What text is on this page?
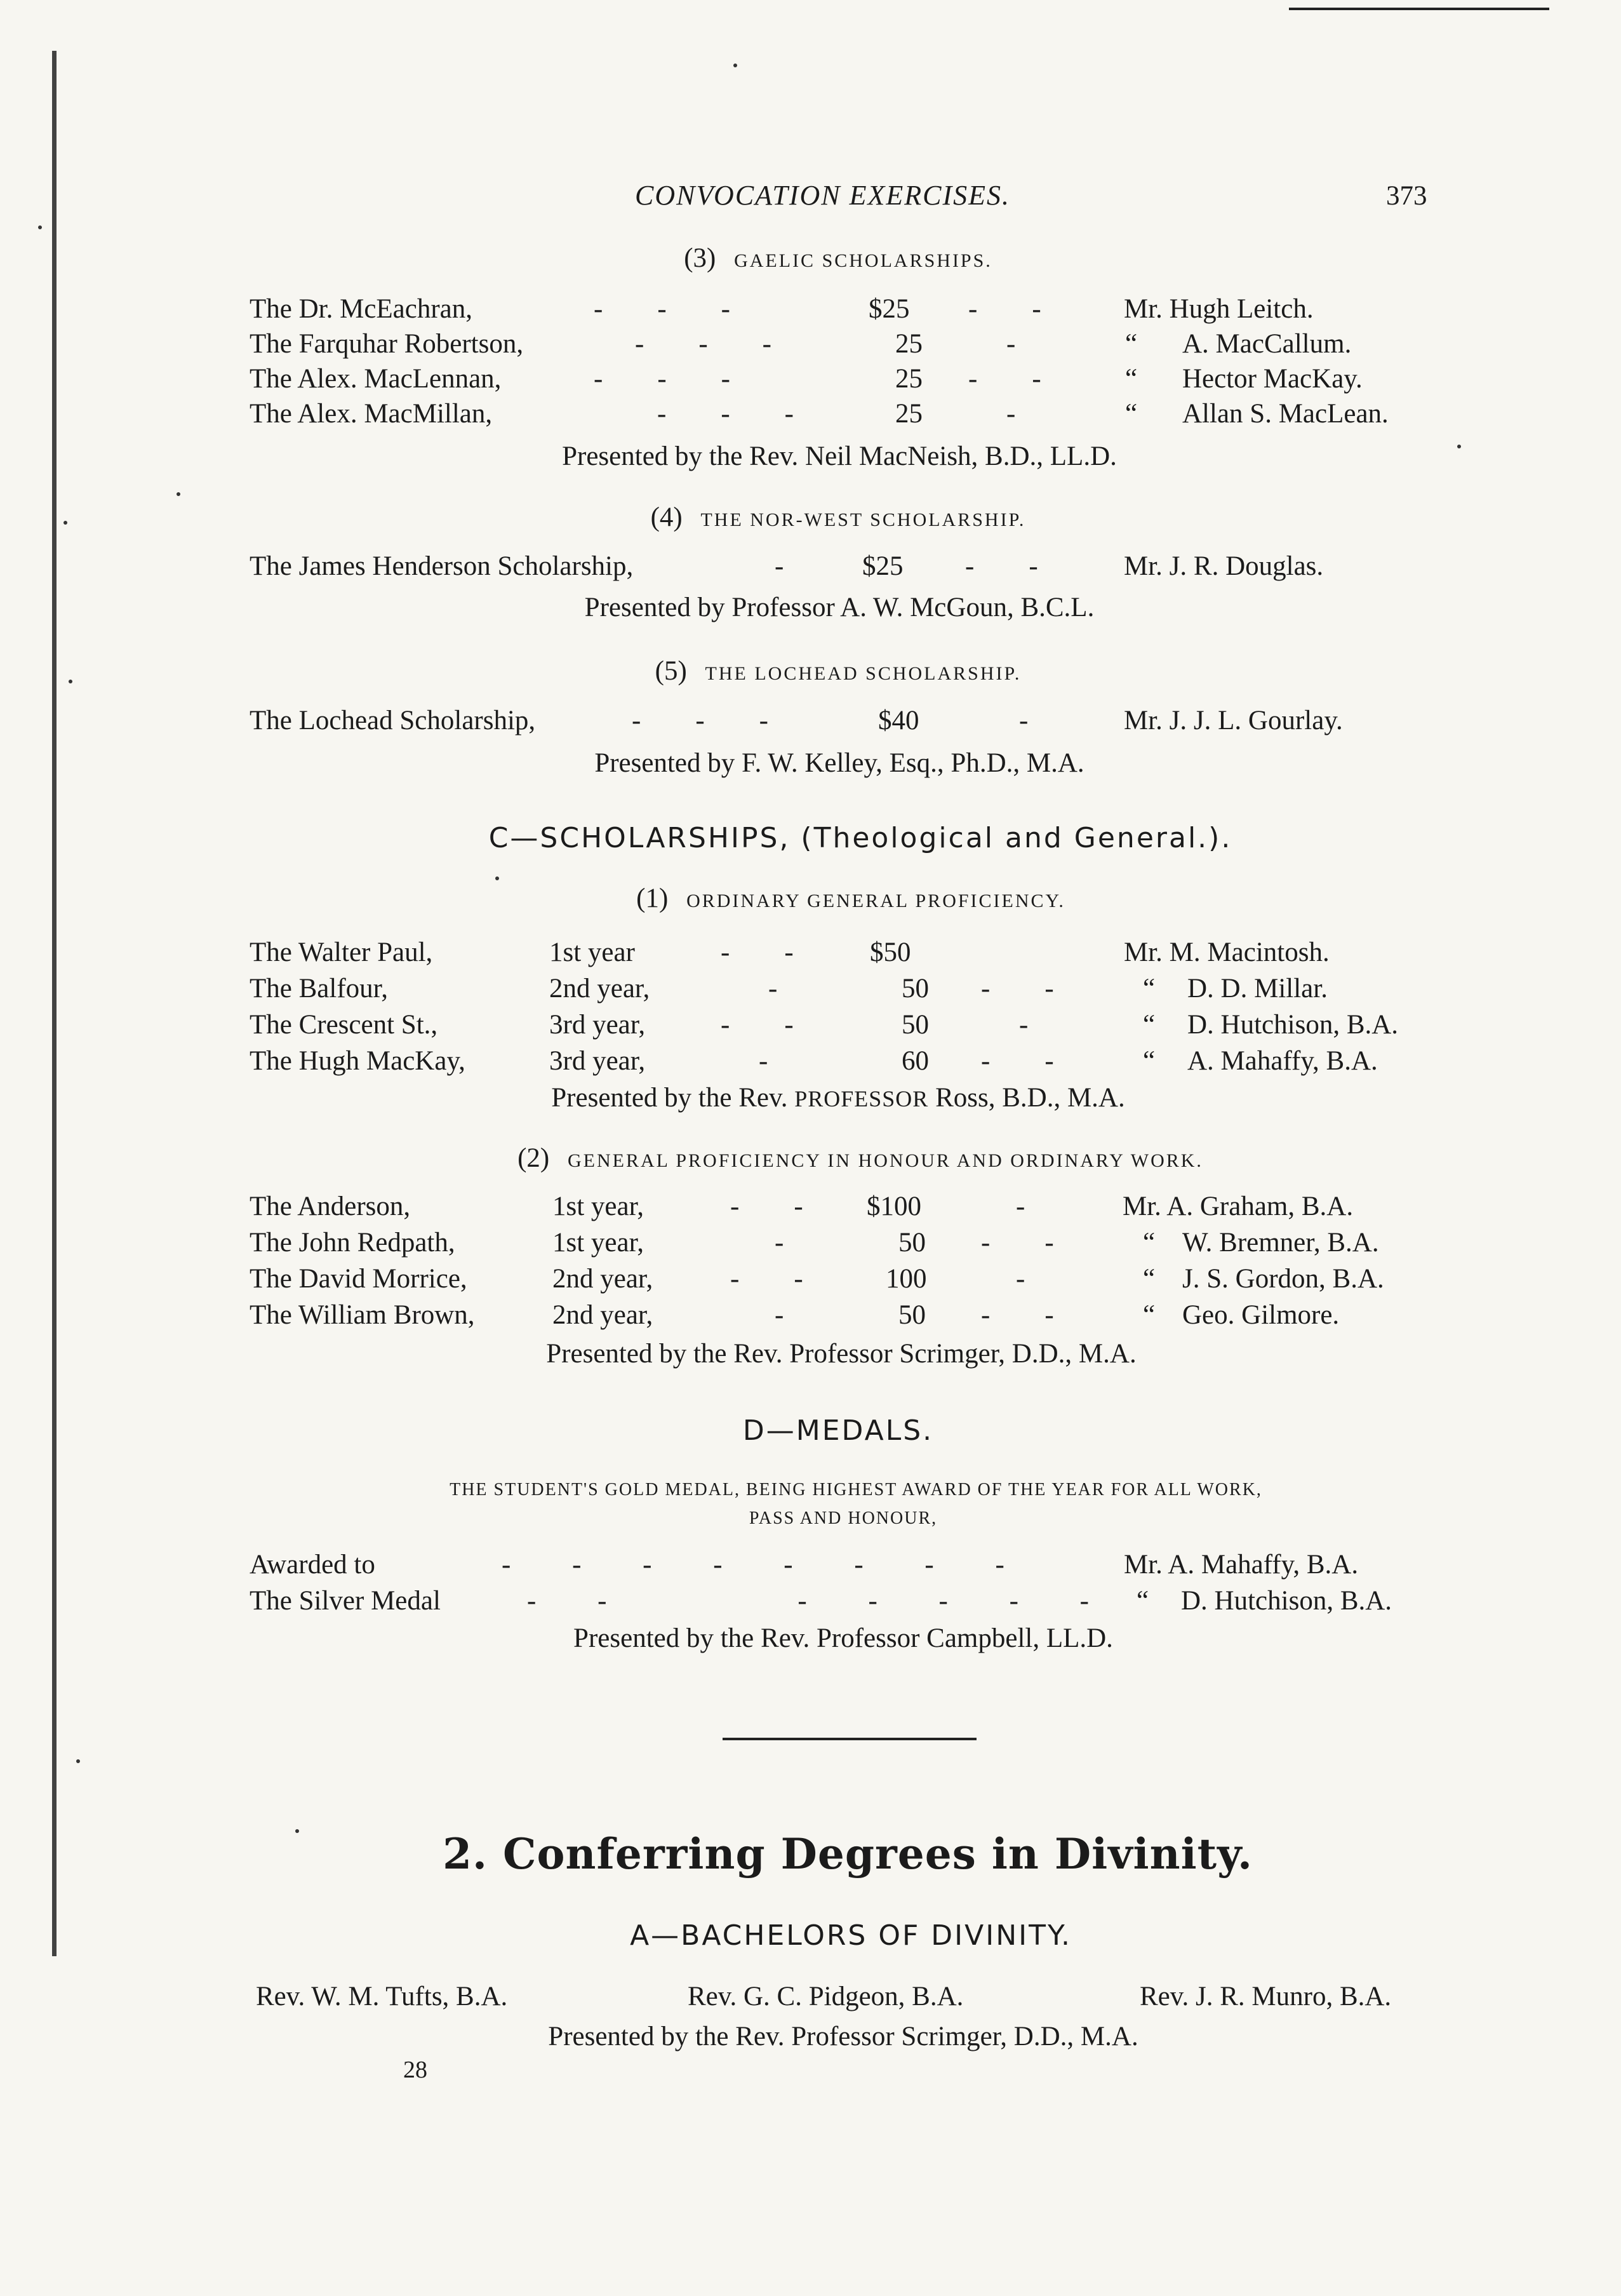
CONVOCATION EXERCISES.	373
(3) GAELIC SCHOLARSHIPS.
The Dr. McEachran,	-        -        -	$25 -        -	Mr. Hugh Leitch.
The Farquhar Robertson,	-        -        -	25	-	“ A. MacCallum.
The Alex. MacLennan,	-        -        -	25 -        -	“ Hector MacKay.
The Alex. MacMillan,	-        -        -	25	-	“ Allan S. MacLean.
Presented by the Rev. Neil MacNeish, B.D., LL.D.
(4) THE NOR-WEST SCHOLARSHIP.
The James Henderson Scholarship,	-	$25 -        -	Mr. J. R. Douglas.
Presented by Professor A. W. McGoun, B.C.L.
(5) THE LOCHEAD SCHOLARSHIP.
The Lochead Scholarship,	-        -        -	$40	-	Mr. J. J. L. Gourlay.
Presented by F. W. Kelley, Esq., Ph.D., M.A.
C—SCHOLARSHIPS, (Theological and General.).
(1) ORDINARY GENERAL PROFICIENCY.
The Walter Paul,	1st year	-        -	$50	Mr. M. Macintosh.
The Balfour,	2nd year,	-	50 -        -	“ D. D. Millar.
The Crescent St.,	3rd year,	-        -	50	-	“ D. Hutchison, B.A.
The Hugh MacKay,	3rd year,	-	60 -        -	“ A. Mahaffy, B.A.
Presented by the Rev. PROFESSOR Ross, B.D., M.A.
(2) GENERAL PROFICIENCY IN HONOUR AND ORDINARY WORK.
The Anderson,	1st year,	-        - $100	-	Mr. A. Graham, B.A.
The John Redpath,	1st year,	-	50 -        -	“ W. Bremner, B.A.
The David Morrice,	2nd year,	-        -	100	-	“ J. S. Gordon, B.A.
The William Brown,	2nd year,	-	50 -        -	“ Geo. Gilmore.
Presented by the Rev. Professor Scrimger, D.D., M.A.
D—MEDALS.
THE STUDENT'S GOLD MEDAL, BEING HIGHEST AWARD OF THE YEAR FOR ALL WORK,
PASS AND HONOUR,
Awarded to	-         -         -         -         -         -         -         -	Mr. A. Mahaffy, B.A.
The Silver Medal	-         -                            -         -         -         -         - “ D. Hutchison, B.A.
Presented by the Rev. Professor Campbell, LL.D.
2. Conferring Degrees in Divinity.
A—BACHELORS OF DIVINITY.
Rev. W. M. Tufts, B.A.	Rev. G. C. Pidgeon, B.A.	Rev. J. R. Munro, B.A.
Presented by the Rev. Professor Scrimger, D.D., M.A.
28
